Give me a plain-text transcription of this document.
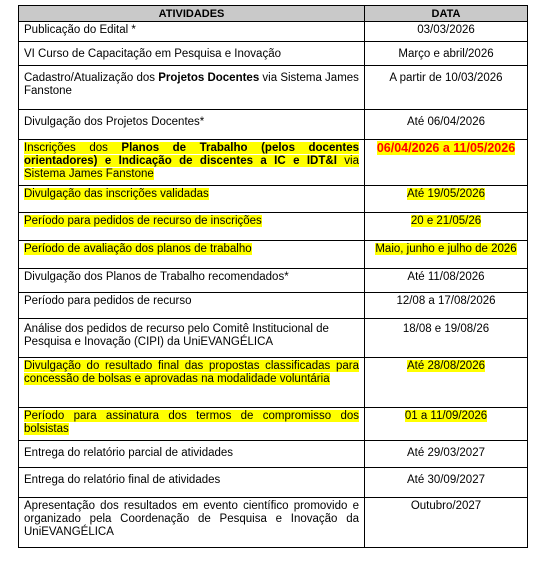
ATIVIDADES	DATA
Publicação do Edital *	03/03/2026
VI Curso de Capacitação em Pesquisa e Inovação	Março e abril/2026
Cadastro/Atualização dos Projetos Docentes via Sistema James Fanstone	A partir de 10/03/2026
Divulgação dos Projetos Docentes*	Até 06/04/2026
Inscrições dos Planos de Trabalho (pelos docentes orientadores) e Indicação de discentes a IC e IDT&I via Sistema James Fanstone	06/04/2026 a 11/05/2026
Divulgação das inscrições validadas	Até 19/05/2026
Período para pedidos de recurso de inscrições	20 e 21/05/26
Período de avaliação dos planos de trabalho	Maio, junho e julho de 2026
Divulgação dos Planos de Trabalho recomendados*	Até 11/08/2026
Período para pedidos de recurso	12/08 a 17/08/2026
Análise dos pedidos de recurso pelo Comitê Institucional de Pesquisa e Inovação (CIPI) da UniEVANGÉLICA	18/08 e 19/08/26
Divulgação do resultado final das propostas classificadas para concessão de bolsas e aprovadas na modalidade voluntária	Até 28/08/2026
Período para assinatura dos termos de compromisso dos bolsistas	01 a 11/09/2026
Entrega do relatório parcial de atividades	Até 29/03/2027
Entrega do relatório final de atividades	Até 30/09/2027
Apresentação dos resultados em evento científico promovido e organizado pela Coordenação de Pesquisa e Inovação da UniEVANGÉLICA	Outubro/2027
